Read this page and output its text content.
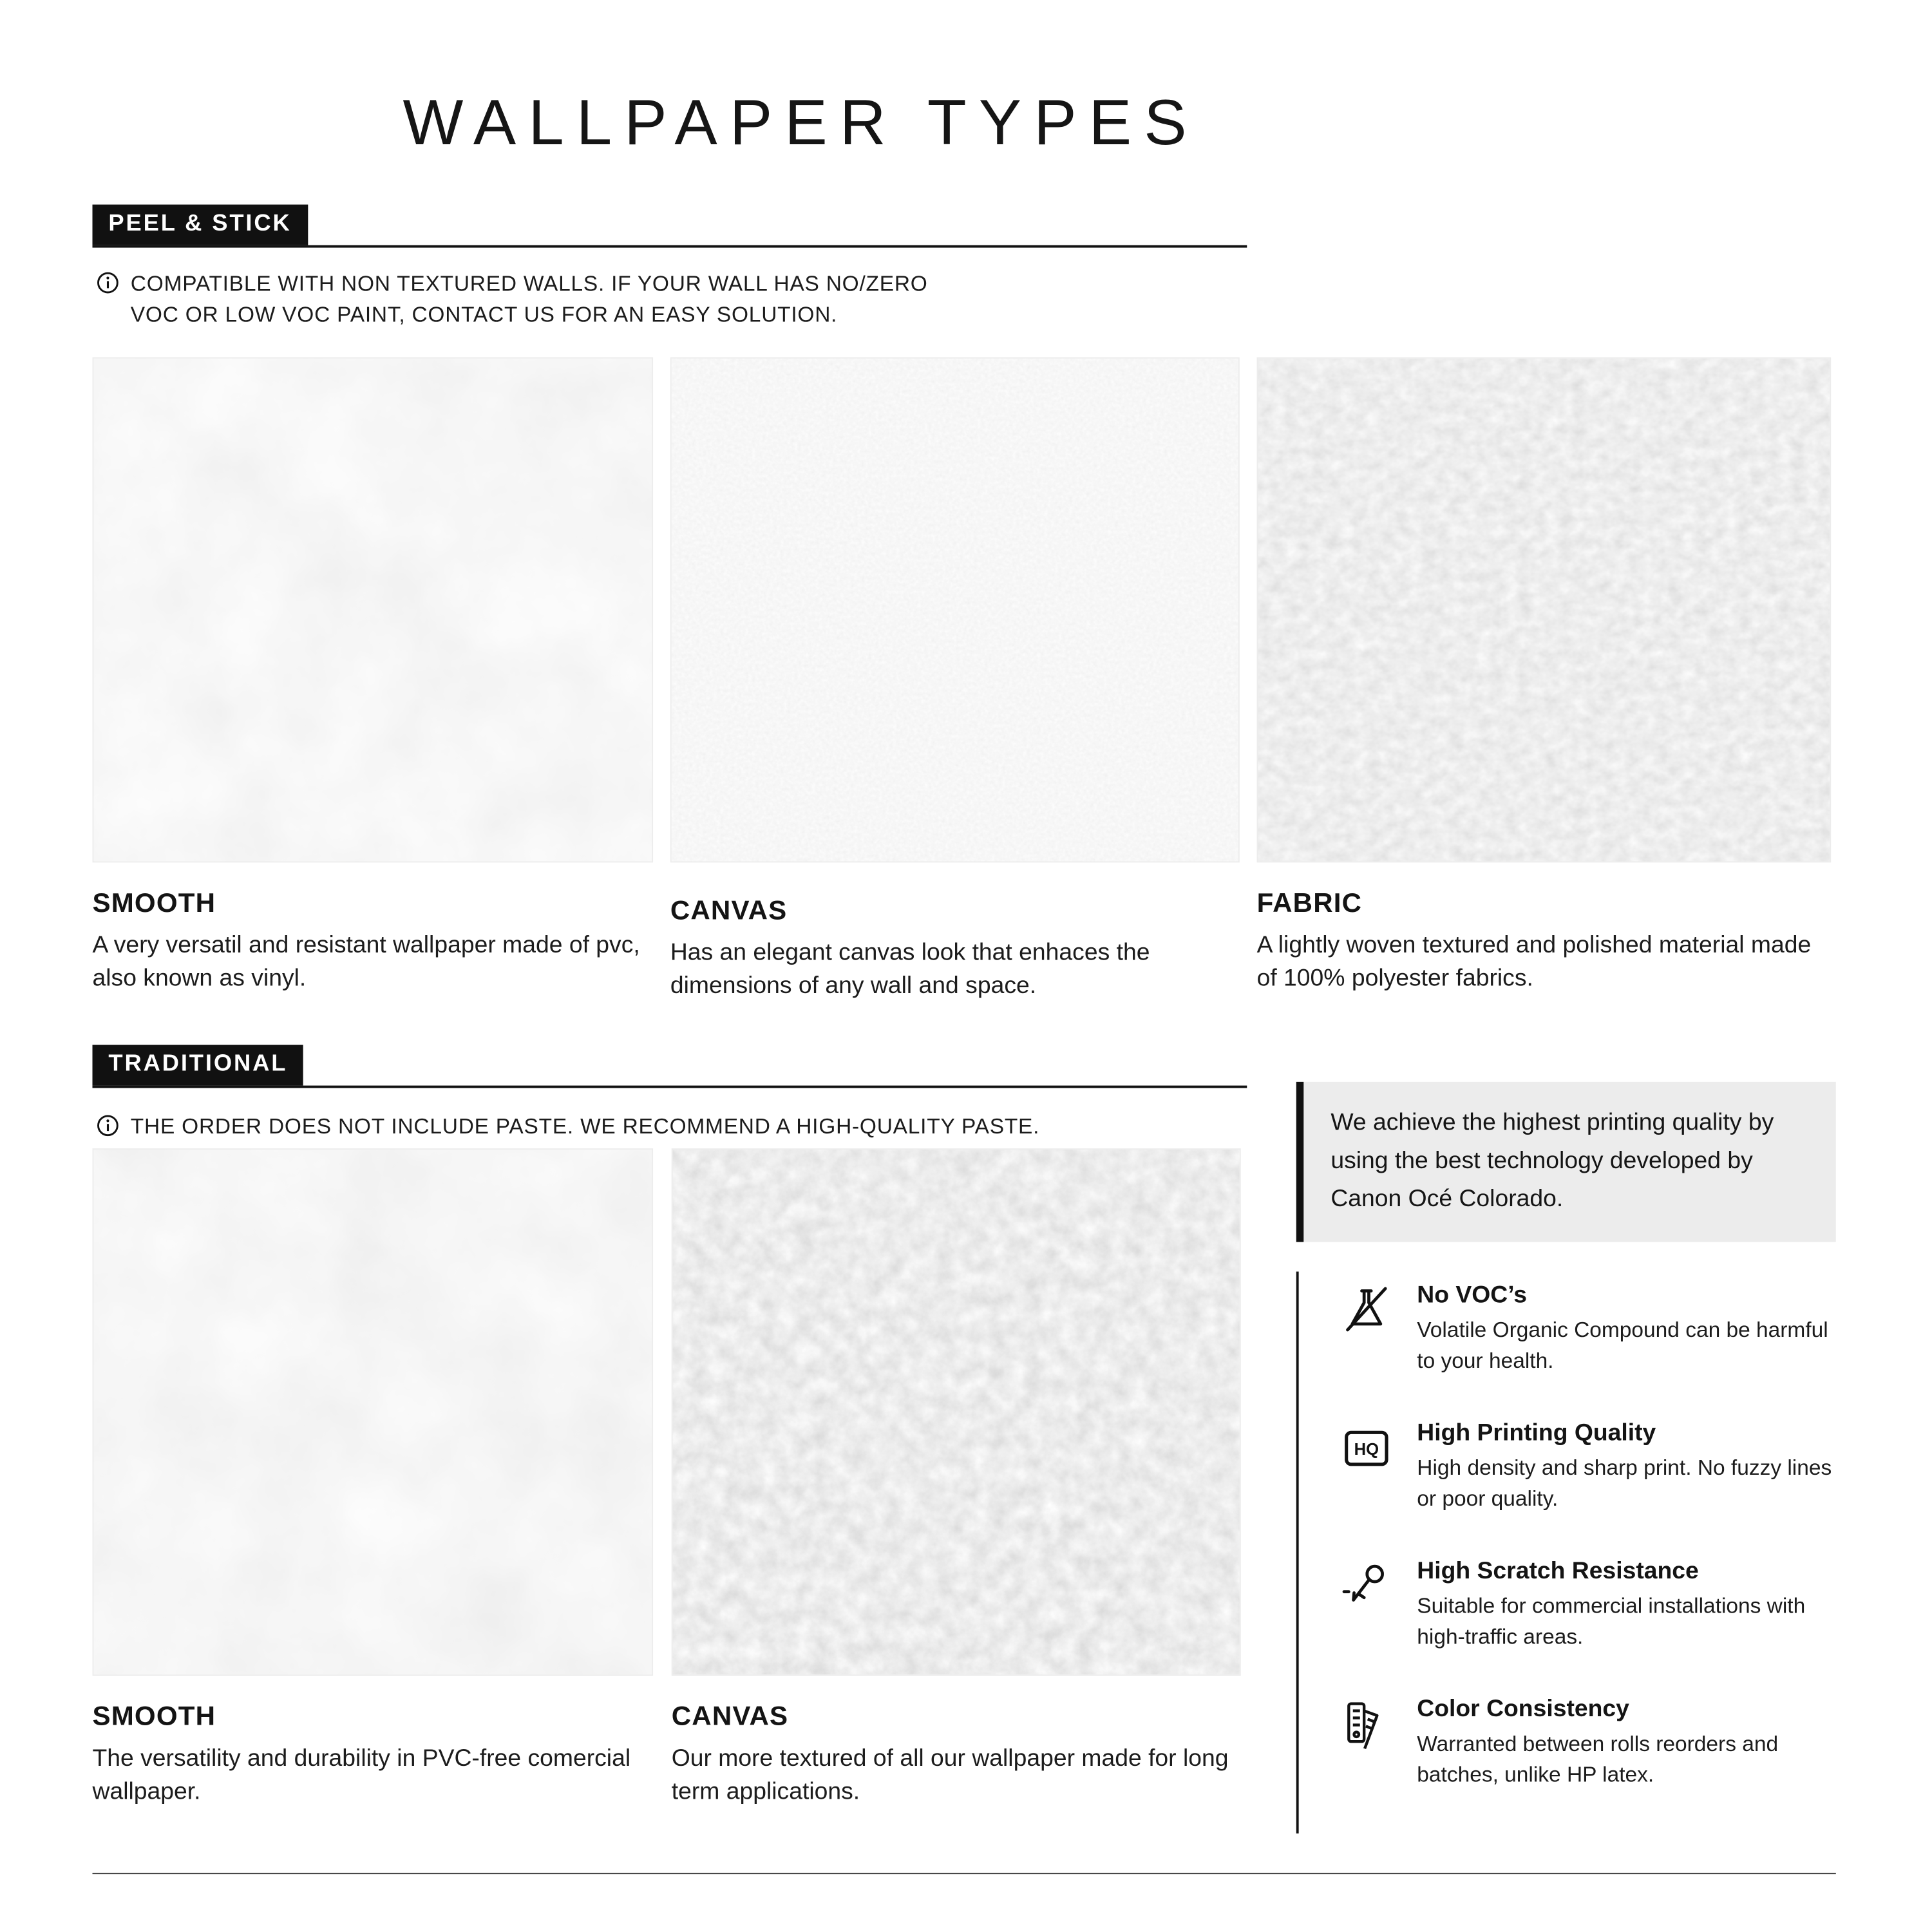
WALLPAPER TYPES
PEEL & STICK
COMPATIBLE WITH NON TEXTURED WALLS. IF YOUR WALL HAS NO/ZERO
VOC OR LOW VOC PAINT, CONTACT US FOR AN EASY SOLUTION.
SMOOTH
A very versatil and resistant wallpaper made of pvc, also known as vinyl.
CANVAS
Has an elegant canvas look that enhaces the dimensions of any wall and space.
FABRIC
A lightly woven textured and polished material made of 100% polyester fabrics.
TRADITIONAL
THE ORDER DOES NOT INCLUDE PASTE. WE RECOMMEND A HIGH-QUALITY PASTE.
SMOOTH
The versatility and durability in PVC-free comercial wallpaper.
CANVAS
Our more textured of all our wallpaper made for long term applications.
We achieve the highest printing quality by using the best technology developed by Canon Océ Colorado.
No VOC’s
Volatile Organic Compound can be harmful to your health.
HQ
High Printing Quality
High density and sharp print. No fuzzy lines or poor quality.
High Scratch Resistance
Suitable for commercial installations with high-traffic areas.
Color Consistency
Warranted between rolls reorders and batches, unlike HP latex.
